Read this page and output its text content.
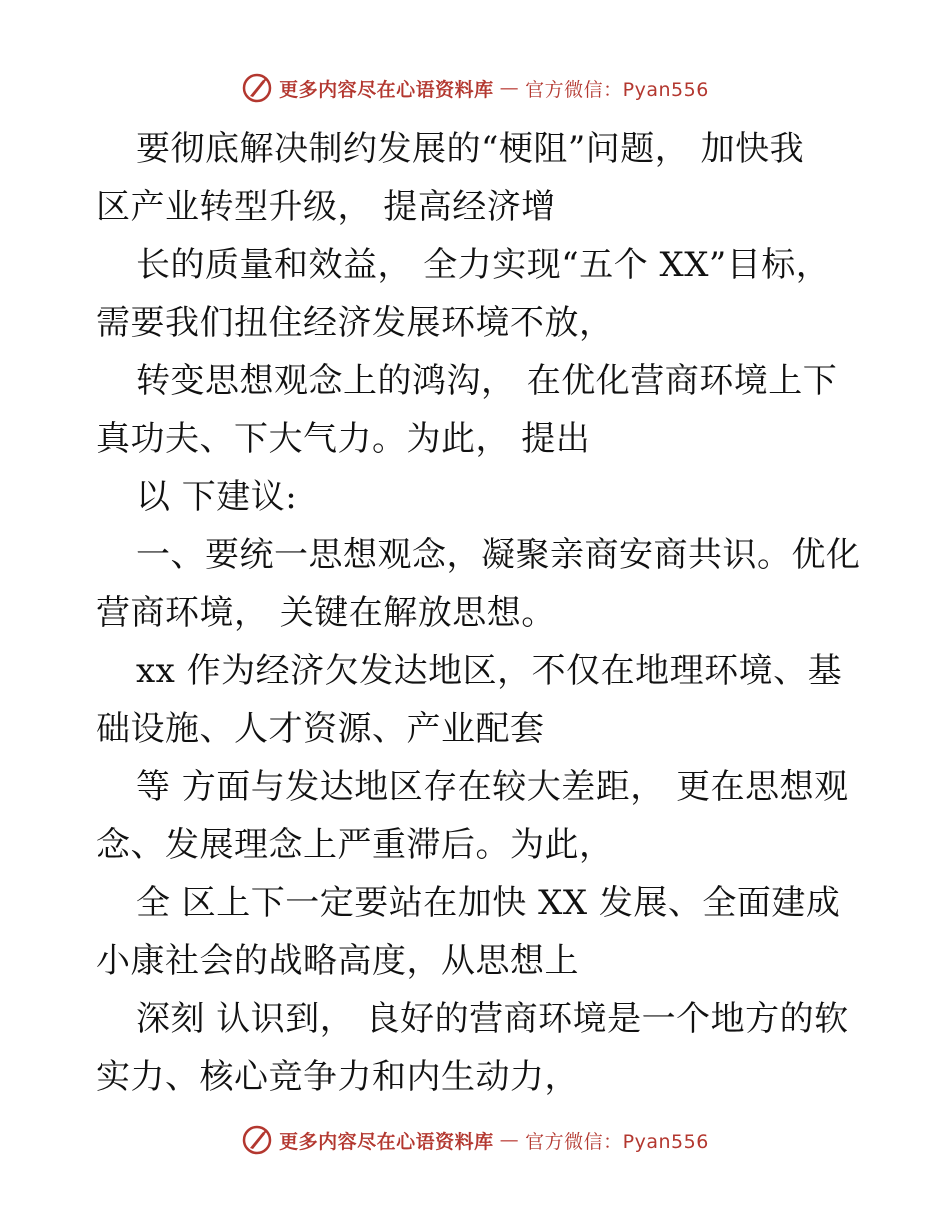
更多内容尽在心语资料库 — 官方微信：Pyan556
要彻底解决制约发展的“梗阻”问题， 加快我
区产业转型升级， 提高经济增
长的质量和效益， 全力实现“五个 XX”目标，
需要我们扭住经济发展环境不放，
转变思想观念上的鸿沟， 在优化营商环境上下
真功夫、下大气力。为此， 提出
以 下建议:
一、要统一思想观念，凝聚亲商安商共识。优化
营商环境， 关键在解放思想。
xx 作为经济欠发达地区，不仅在地理环境、基
础设施、人才资源、产业配套
等 方面与发达地区存在较大差距， 更在思想观
念、发展理念上严重滞后。为此，
全 区上下一定要站在加快 XX 发展、全面建成
小康社会的战略高度，从思想上
深刻 认识到， 良好的营商环境是一个地方的软
实力、核心竞争力和内生动力，
更多内容尽在心语资料库 — 官方微信：Pyan556
